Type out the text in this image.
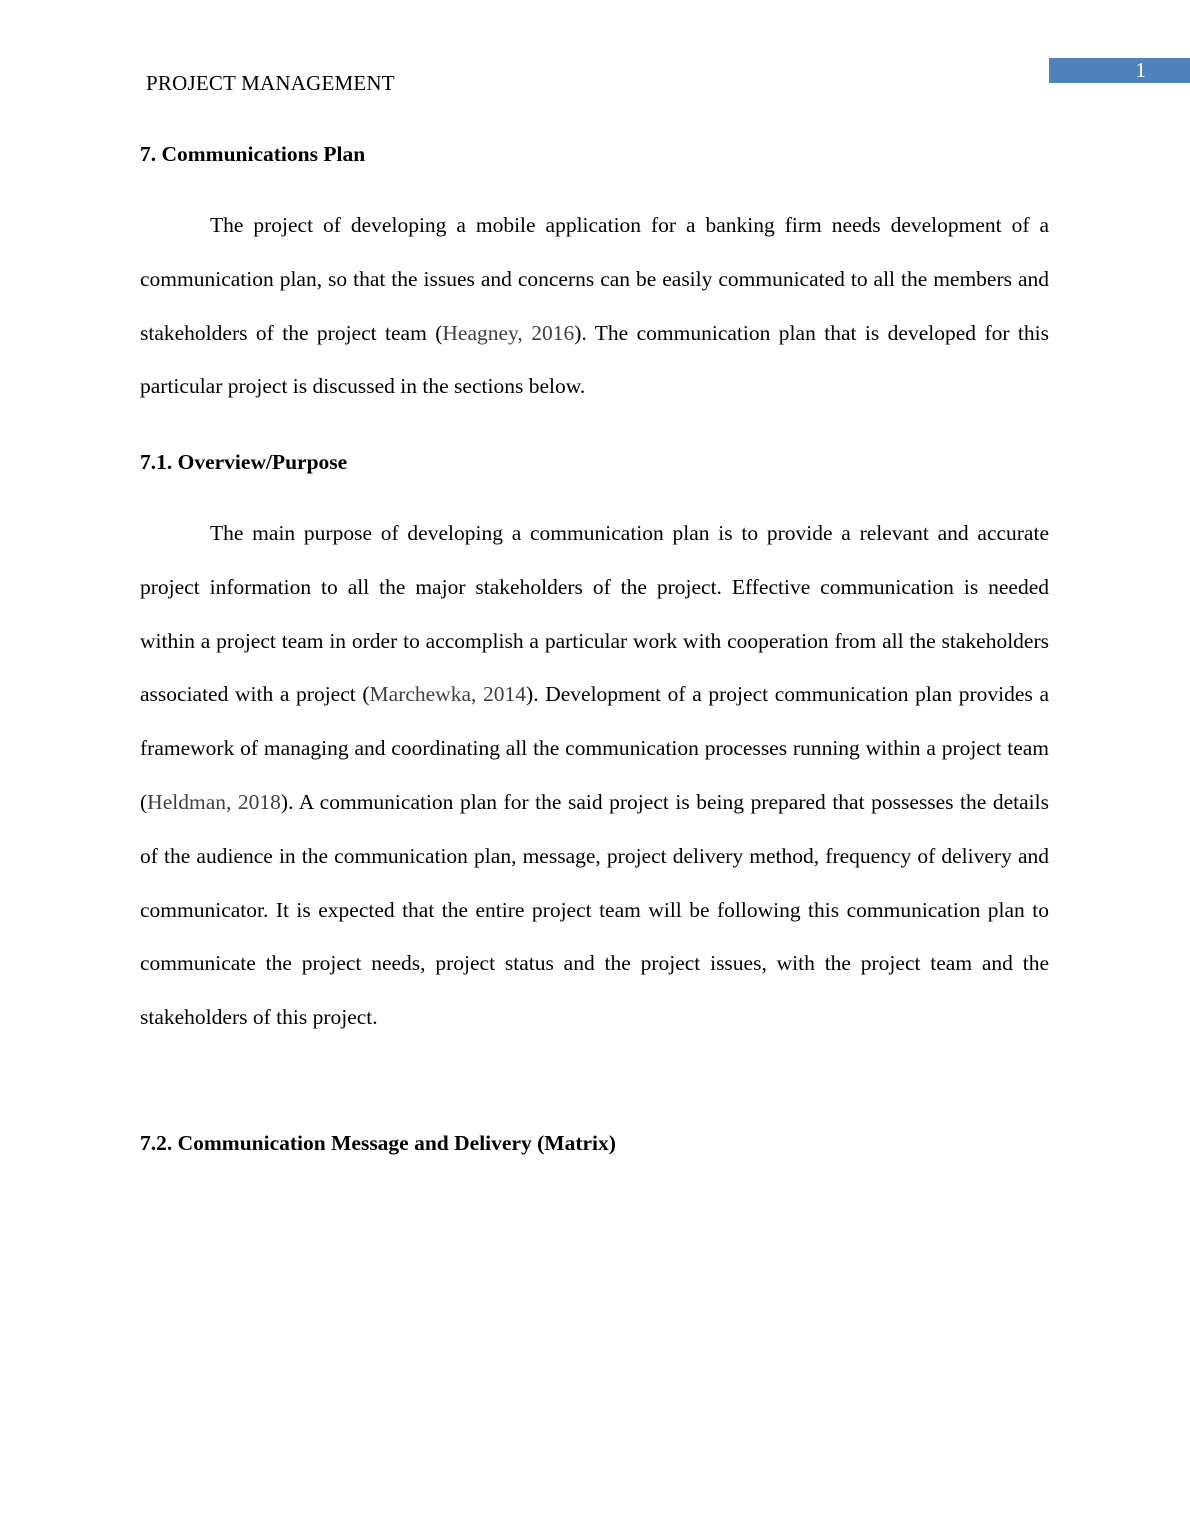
PROJECT MANAGEMENT
1
7. Communications Plan

The project of developing a mobile application for a banking firm needs development of a communication plan, so that the issues and concerns can be easily communicated to all the members and stakeholders of the project team (Heagney, 2016). The communication plan that is developed for this particular project is discussed in the sections below.

7.1. Overview/Purpose

The main purpose of developing a communication plan is to provide a relevant and accurate project information to all the major stakeholders of the project. Effective communication is needed within a project team in order to accomplish a particular work with cooperation from all the stakeholders associated with a project (Marchewka, 2014). Development of a project communication plan provides a framework of managing and coordinating all the communication processes running within a project team (Heldman, 2018). A communication plan for the said project is being prepared that possesses the details of the audience in the communication plan, message, project delivery method, frequency of delivery and communicator. It is expected that the entire project team will be following this communication plan to communicate the project needs, project status and the project issues, with the project team and the stakeholders of this project.

7.2. Communication Message and Delivery (Matrix)
